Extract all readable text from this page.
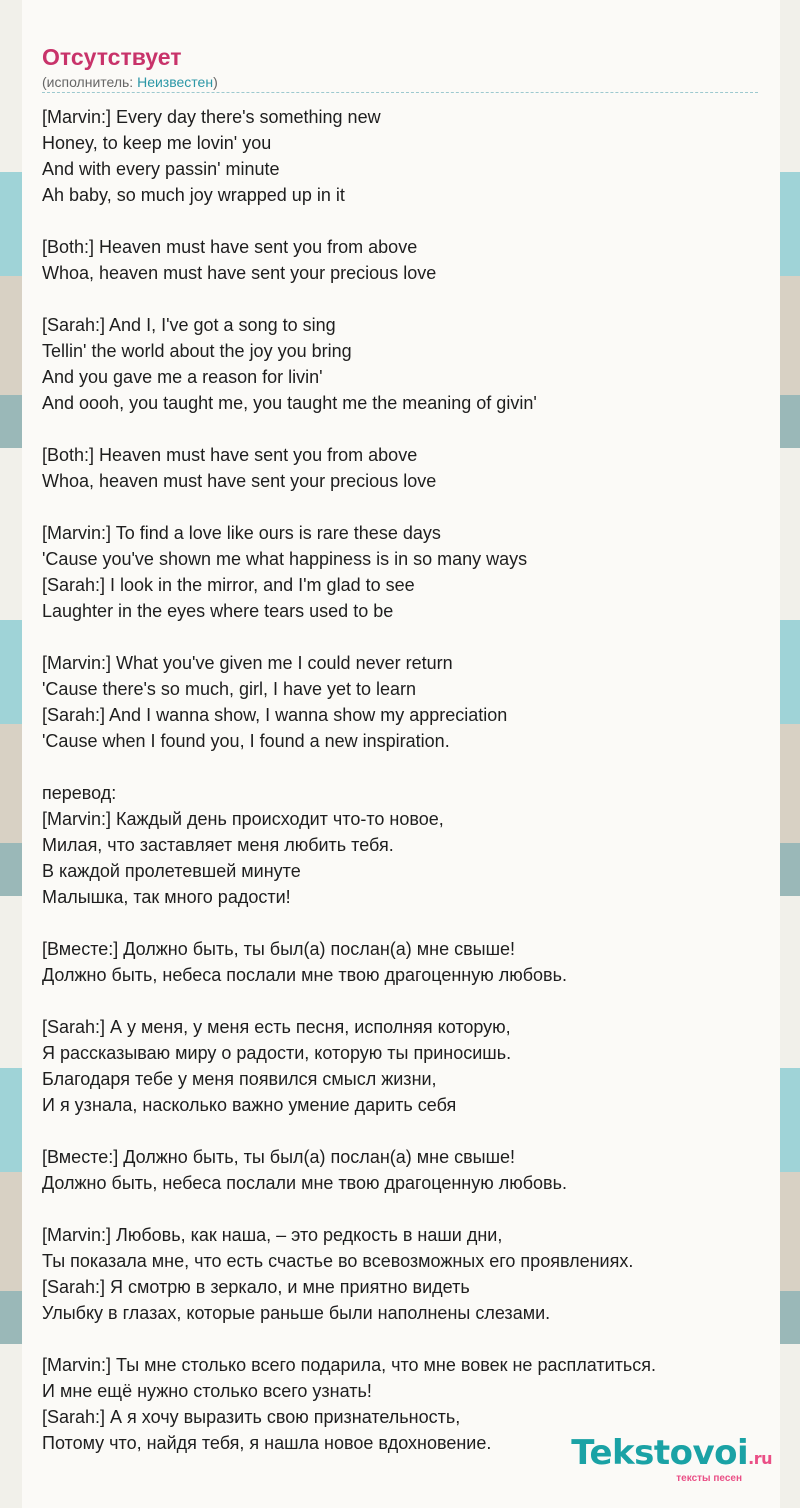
Отсутствует
(исполнитель: Неизвестен)
[Marvin:] Every day there's something new
Honey, to keep me lovin' you
And with every passin' minute
Ah baby, so much joy wrapped up in it
[Both:] Heaven must have sent you from above
Whoa, heaven must have sent your precious love
[Sarah:] And I, I've got a song to sing
Tellin' the world about the joy you bring
And you gave me a reason for livin'
And oooh, you taught me, you taught me the meaning of givin'
[Both:] Heaven must have sent you from above
Whoa, heaven must have sent your precious love
[Marvin:] To find a love like ours is rare these days
'Cause you've shown me what happiness is in so many ways
[Sarah:] I look in the mirror, and I'm glad to see
Laughter in the eyes where tears used to be
[Marvin:] What you've given me I could never return
'Cause there's so much, girl, I have yet to learn
[Sarah:] And I wanna show, I wanna show my appreciation
'Cause when I found you, I found a new inspiration.
перевод:
[Marvin:] Каждый день происходит что-то новое,
Милая, что заставляет меня любить тебя.
В каждой пролетевшей минуте
Малышка, так много радости!
[Вместе:] Должно быть, ты был(а) послан(а) мне свыше!
Должно быть, небеса послали мне твою драгоценную любовь.
[Sarah:] А у меня, у меня есть песня, исполняя которую,
Я рассказываю миру о радости, которую ты приносишь.
Благодаря тебе у меня появился смысл жизни,
И я узнала, насколько важно умение дарить себя
[Вместе:] Должно быть, ты был(а) послан(а) мне свыше!
Должно быть, небеса послали мне твою драгоценную любовь.
[Marvin:] Любовь, как наша, – это редкость в наши дни,
Ты показала мне, что есть счастье во всевозможных его проявлениях.
[Sarah:] Я смотрю в зеркало, и мне приятно видеть
Улыбку в глазах, которые раньше были наполнены слезами.
[Marvin:] Ты мне столько всего подарила, что мне вовек не расплатиться.
И мне ещё нужно столько всего узнать!
[Sarah:] А я хочу выразить свою признательность,
Потому что, найдя тебя, я нашла новое вдохновение.	Tekstovoi.ru
тексты песен
